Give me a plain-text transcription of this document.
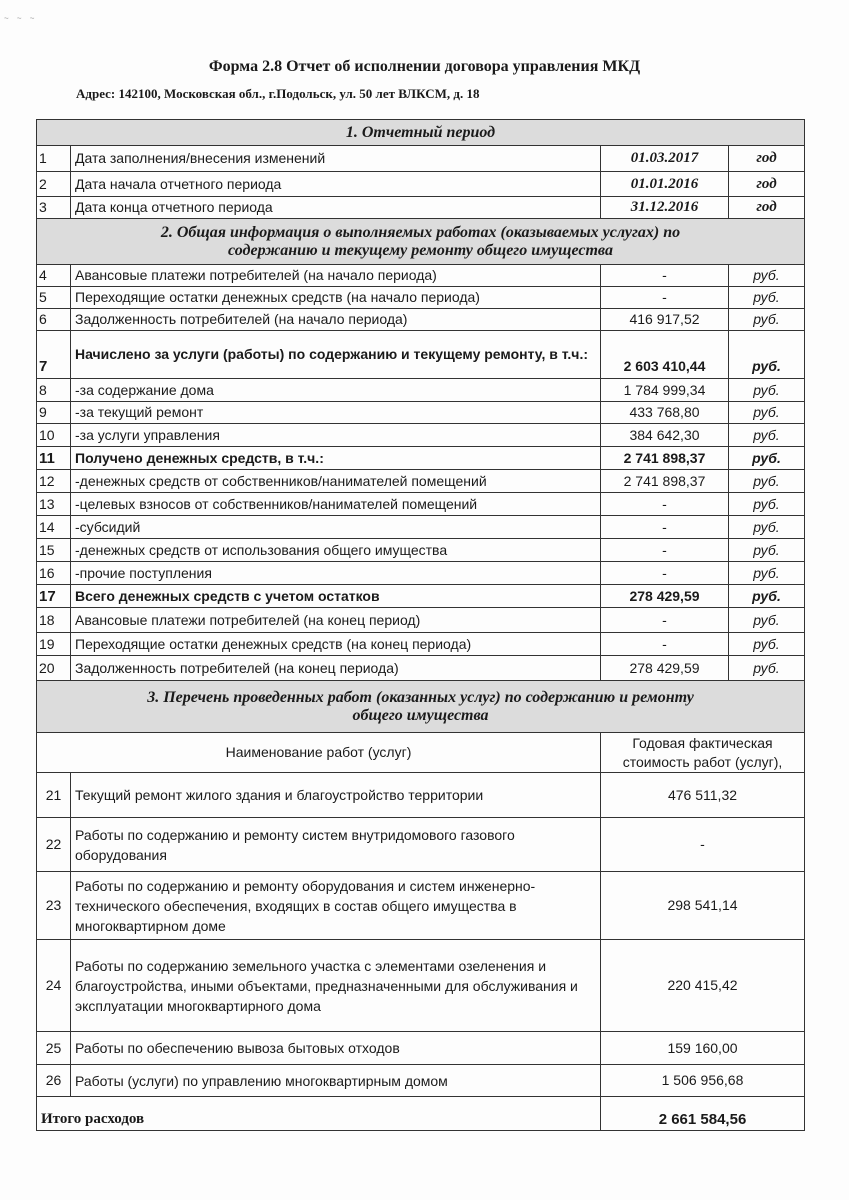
~ ~ ~
Форма 2.8 Отчет об исполнении договора управления МКД
Адрес: 142100, Московская обл., г.Подольск, ул. 50 лет ВЛКСМ, д. 18
1. Отчетный период			
1	Дата заполнения/внесения изменений	01.03.2017	год
2	Дата начала отчетного периода	01.01.2016	год
3	Дата конца отчетного периода	31.12.2016	год

2. Общая информация о выполняемых работах (оказываемых услугах) по
содержанию и текущему ремонту общего имущества			

4	Авансовые платежи потребителей (на начало периода)	-	руб.
5	Переходящие остатки денежных средств (на начало периода)	-	руб.
6	Задолженность потребителей (на начало периода)	416 917,52	руб.
7	Начислено за услуги (работы) по содержанию и текущему ремонту, в т.ч.:	2 603 410,44	руб.
8	-за содержание дома	1 784 999,34	руб.
9	-за текущий ремонт	433 768,80	руб.
10	-за услуги управления	384 642,30	руб.
11	Получено денежных средств, в т.ч.:	2 741 898,37	руб.
12	-денежных средств от собственников/нанимателей помещений	2 741 898,37	руб.
13	-целевых взносов от собственников/нанимателей помещений	-	руб.
14	-субсидий	-	руб.
15	-денежных средств от использования общего имущества	-	руб.
16	-прочие поступления	-	руб.
17	Всего денежных средств с учетом остатков	278 429,59	руб.
18	Авансовые платежи потребителей (на конец период)	-	руб.
19	Переходящие остатки денежных средств (на конец периода)	-	руб.
20	Задолженность потребителей (на конец периода)	278 429,59	руб.

3. Перечень проведенных работ (оказанных услуг) по содержанию и ремонту
общего имущества			

Наименование работ (услуг)		Годовая фактическая стоимость работ (услуг),	
21	Текущий ремонт жилого здания и благоустройство территории	476 511,32	
22	Работы по содержанию и ремонту систем внутридомового газового оборудования	-	
23	Работы по содержанию и ремонту оборудования и систем инженерно-технического обеспечения, входящих в состав общего имущества в многоквартирном доме	298 541,14	
24	Работы по содержанию земельного участка с элементами озеленения и благоустройства, иными объектами, предназначенными для обслуживания и эксплуатации многоквартирного дома	220 415,42	
25	Работы по обеспечению вывоза бытовых отходов	159 160,00	
26	Работы (услуги) по управлению многоквартирным домом	1 506 956,68	
Итого расходов		2 661 584,56	
